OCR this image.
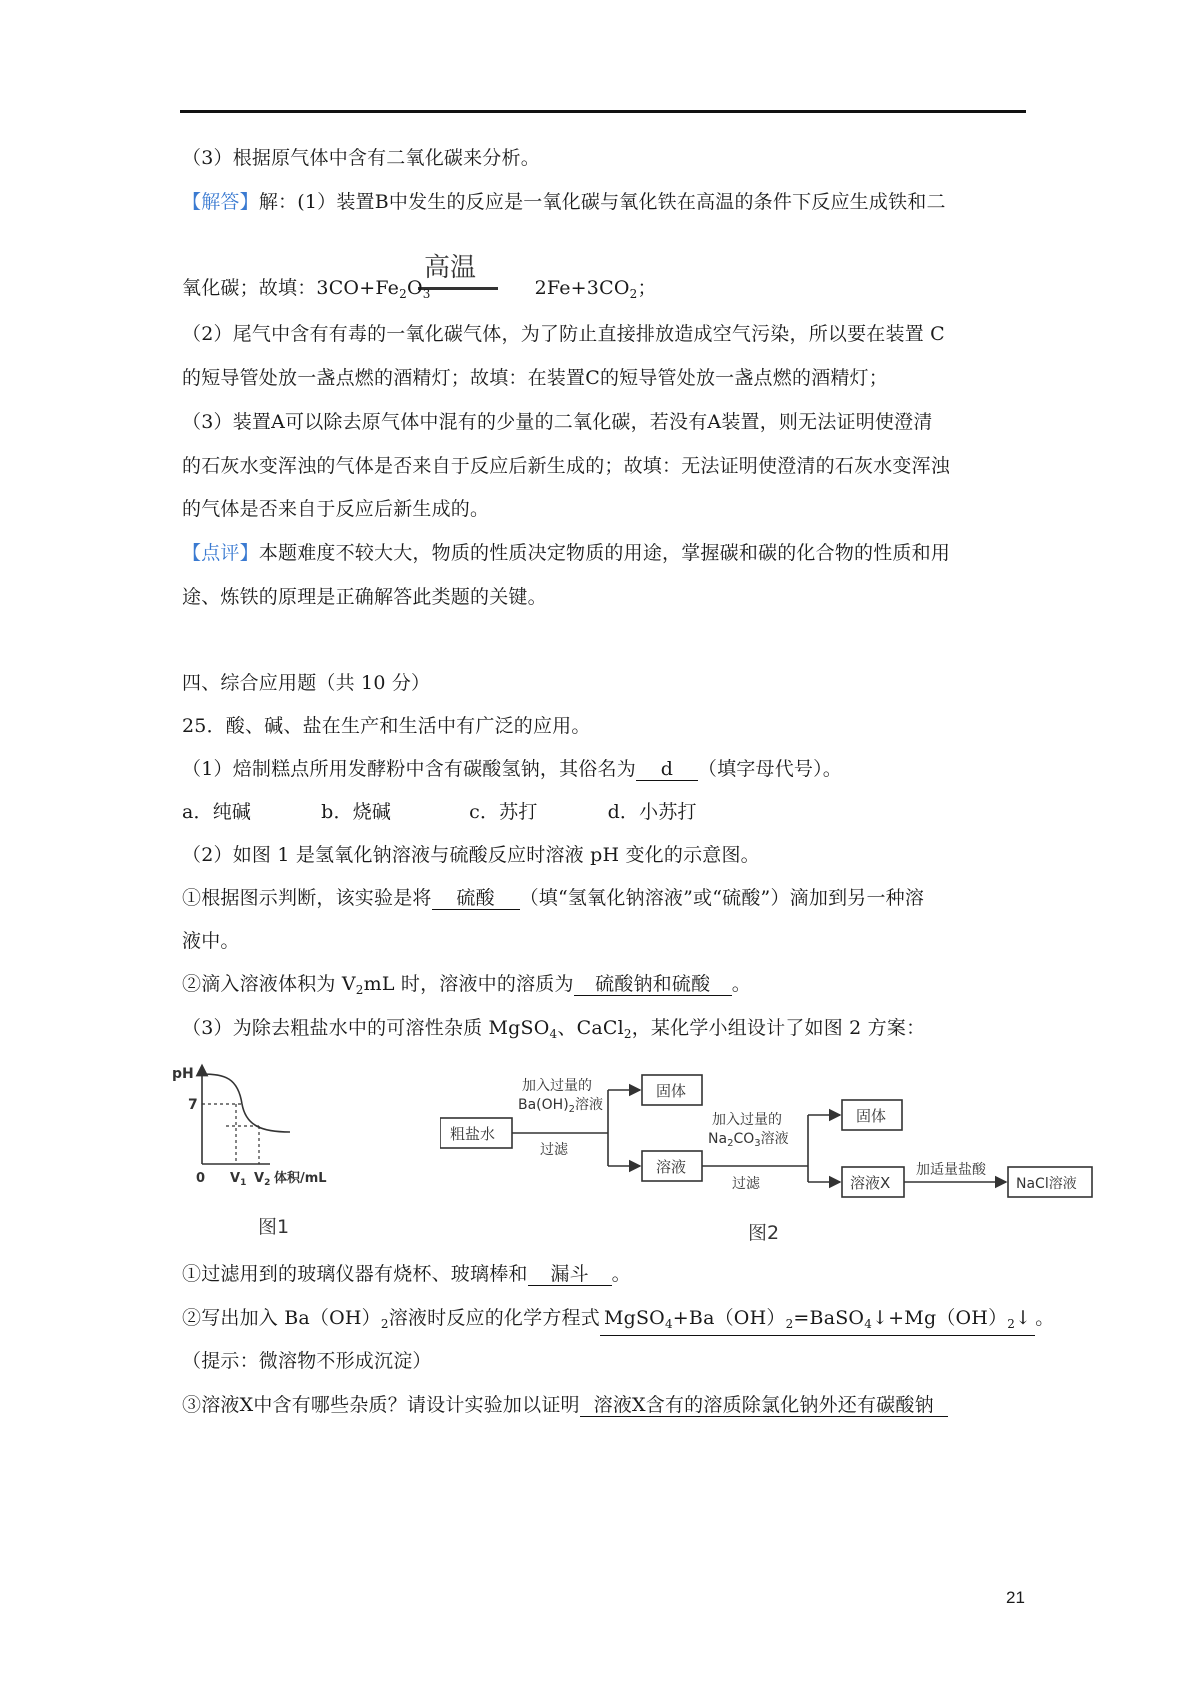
（3）根据原气体中含有二氧化碳来分析。
【解答】解：(1）装置B中发生的反应是一氧化碳与氧化铁在高温的条件下反应生成铁和二
高温
氧化碳；故填：$3CO+Fe_2O_3$	$2Fe+3CO_2$；
（2）尾气中含有有毒的一氧化碳气体，为了防止直接排放造成空气污染，所以要在装置 C
的短导管处放一盏点燃的酒精灯；故填：在装置C的短导管处放一盏点燃的酒精灯；
（3）装置A可以除去原气体中混有的少量的二氧化碳，若没有A装置，则无法证明使澄清
的石灰水变浑浊的气体是否来自于反应后新生成的；故填：无法证明使澄清的石灰水变浑浊
的气体是否来自于反应后新生成的。
【点评】本题难度不较大大，物质的性质决定物质的用途，掌握碳和碳的化合物的性质和用
途、炼铁的原理是正确解答此类题的关键。
四、综合应用题（共 10 分）
25．酸、碱、盐在生产和生活中有广泛的应用。
（1）焙制糕点所用发酵粉中含有碳酸氢钠，其俗名为 d （填字母代号）。
a．纯碱	b．烧碱	c．苏打	d．小苏打
（2）如图 1 是氢氧化钠溶液与硫酸反应时溶液 pH 变化的示意图。
①根据图示判断，该实验是将 硫酸 （填“氢氧化钠溶液”或“硫酸”）滴加到另一种溶
液中。
②滴入溶液体积为 $V_2mL$ 时，溶液中的溶质为 硫酸钠和硫酸 。
（3）为除去粗盐水中的可溶性杂质 MgSO$_4$、CaCl$_2$，某化学小组设计了如图 2 方案：
pH
7
0 $V_1$ $V_2$ 体积/mL
图1
粗盐水
加入过量的
$Ba(OH)_2$溶液
过滤
固体
溶液
加入过量的
$Na_2CO_3$溶液
过滤
固体
溶液X
加适量盐酸
NaCl溶液
图2
①过滤用到的玻璃仪器有烧杯、玻璃棒和 漏斗 。
②写出加入 $Ba(OH)_2$溶液时反应的化学方程式 $MgSO_4+Ba(OH)_2=BaSO_4↓+Mg(OH)_2↓$ 。
（提示：微溶物不形成沉淀）
③溶液X中含有哪些杂质？请设计实验加以证明 溶液X含有的溶质除氯化钠外还有碳酸钠
21
